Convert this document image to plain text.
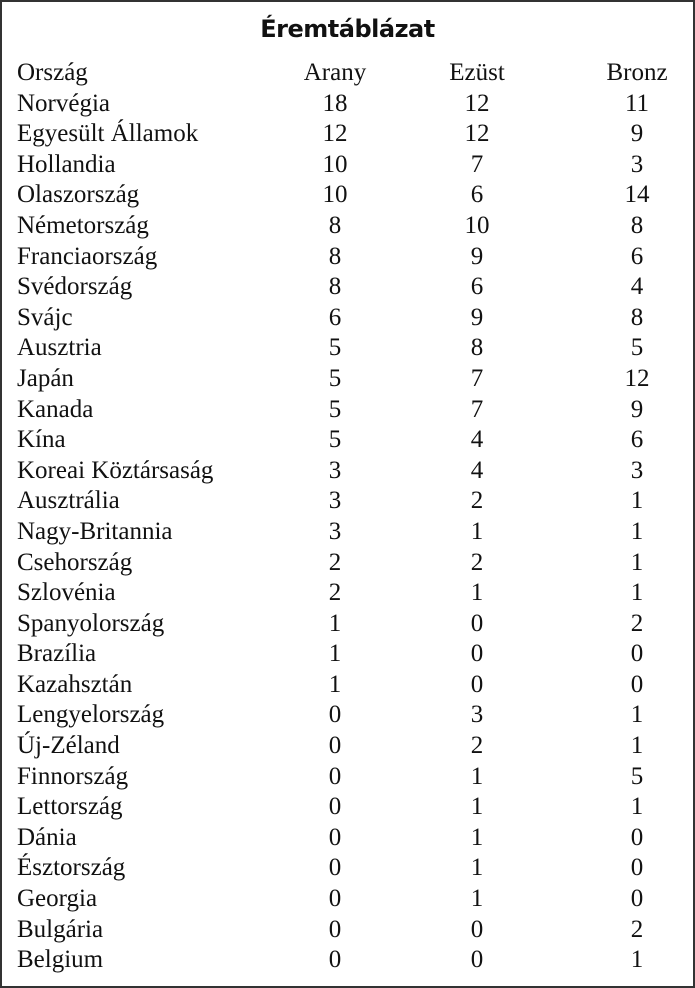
Éremtáblázat
Ország	Arany	Ezüst	Bronz
Norvégia	18	12	11
Egyesült Államok	12	12	9
Hollandia	10	7	3
Olaszország	10	6	14
Németország	8	10	8
Franciaország	8	9	6
Svédország	8	6	4
Svájc	6	9	8
Ausztria	5	8	5
Japán	5	7	12
Kanada	5	7	9
Kína	5	4	6
Koreai Köztársaság	3	4	3
Ausztrália	3	2	1
Nagy-Britannia	3	1	1
Csehország	2	2	1
Szlovénia	2	1	1
Spanyolország	1	0	2
Brazília	1	0	0
Kazahsztán	1	0	0
Lengyelország	0	3	1
Új-Zéland	0	2	1
Finnország	0	1	5
Lettország	0	1	1
Dánia	0	1	0
Észtország	0	1	0
Georgia	0	1	0
Bulgária	0	0	2
Belgium	0	0	1
